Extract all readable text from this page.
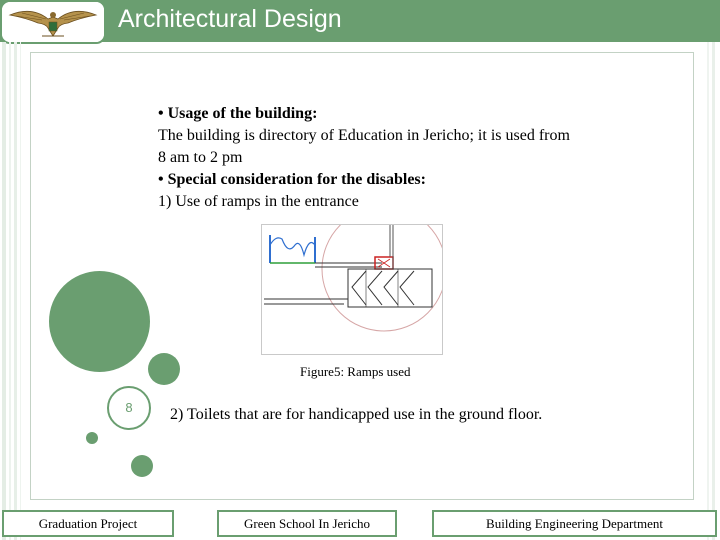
Architectural Design
8
• Usage of the building:
The building is directory of Education in Jericho; it is used from
8 am to 2 pm
• Special consideration for the disables:
1) Use of ramps in the entrance
Figure5: Ramps used
2) Toilets that are for handicapped use in the ground floor.
Graduation Project	Green School In Jericho	Building Engineering Department
